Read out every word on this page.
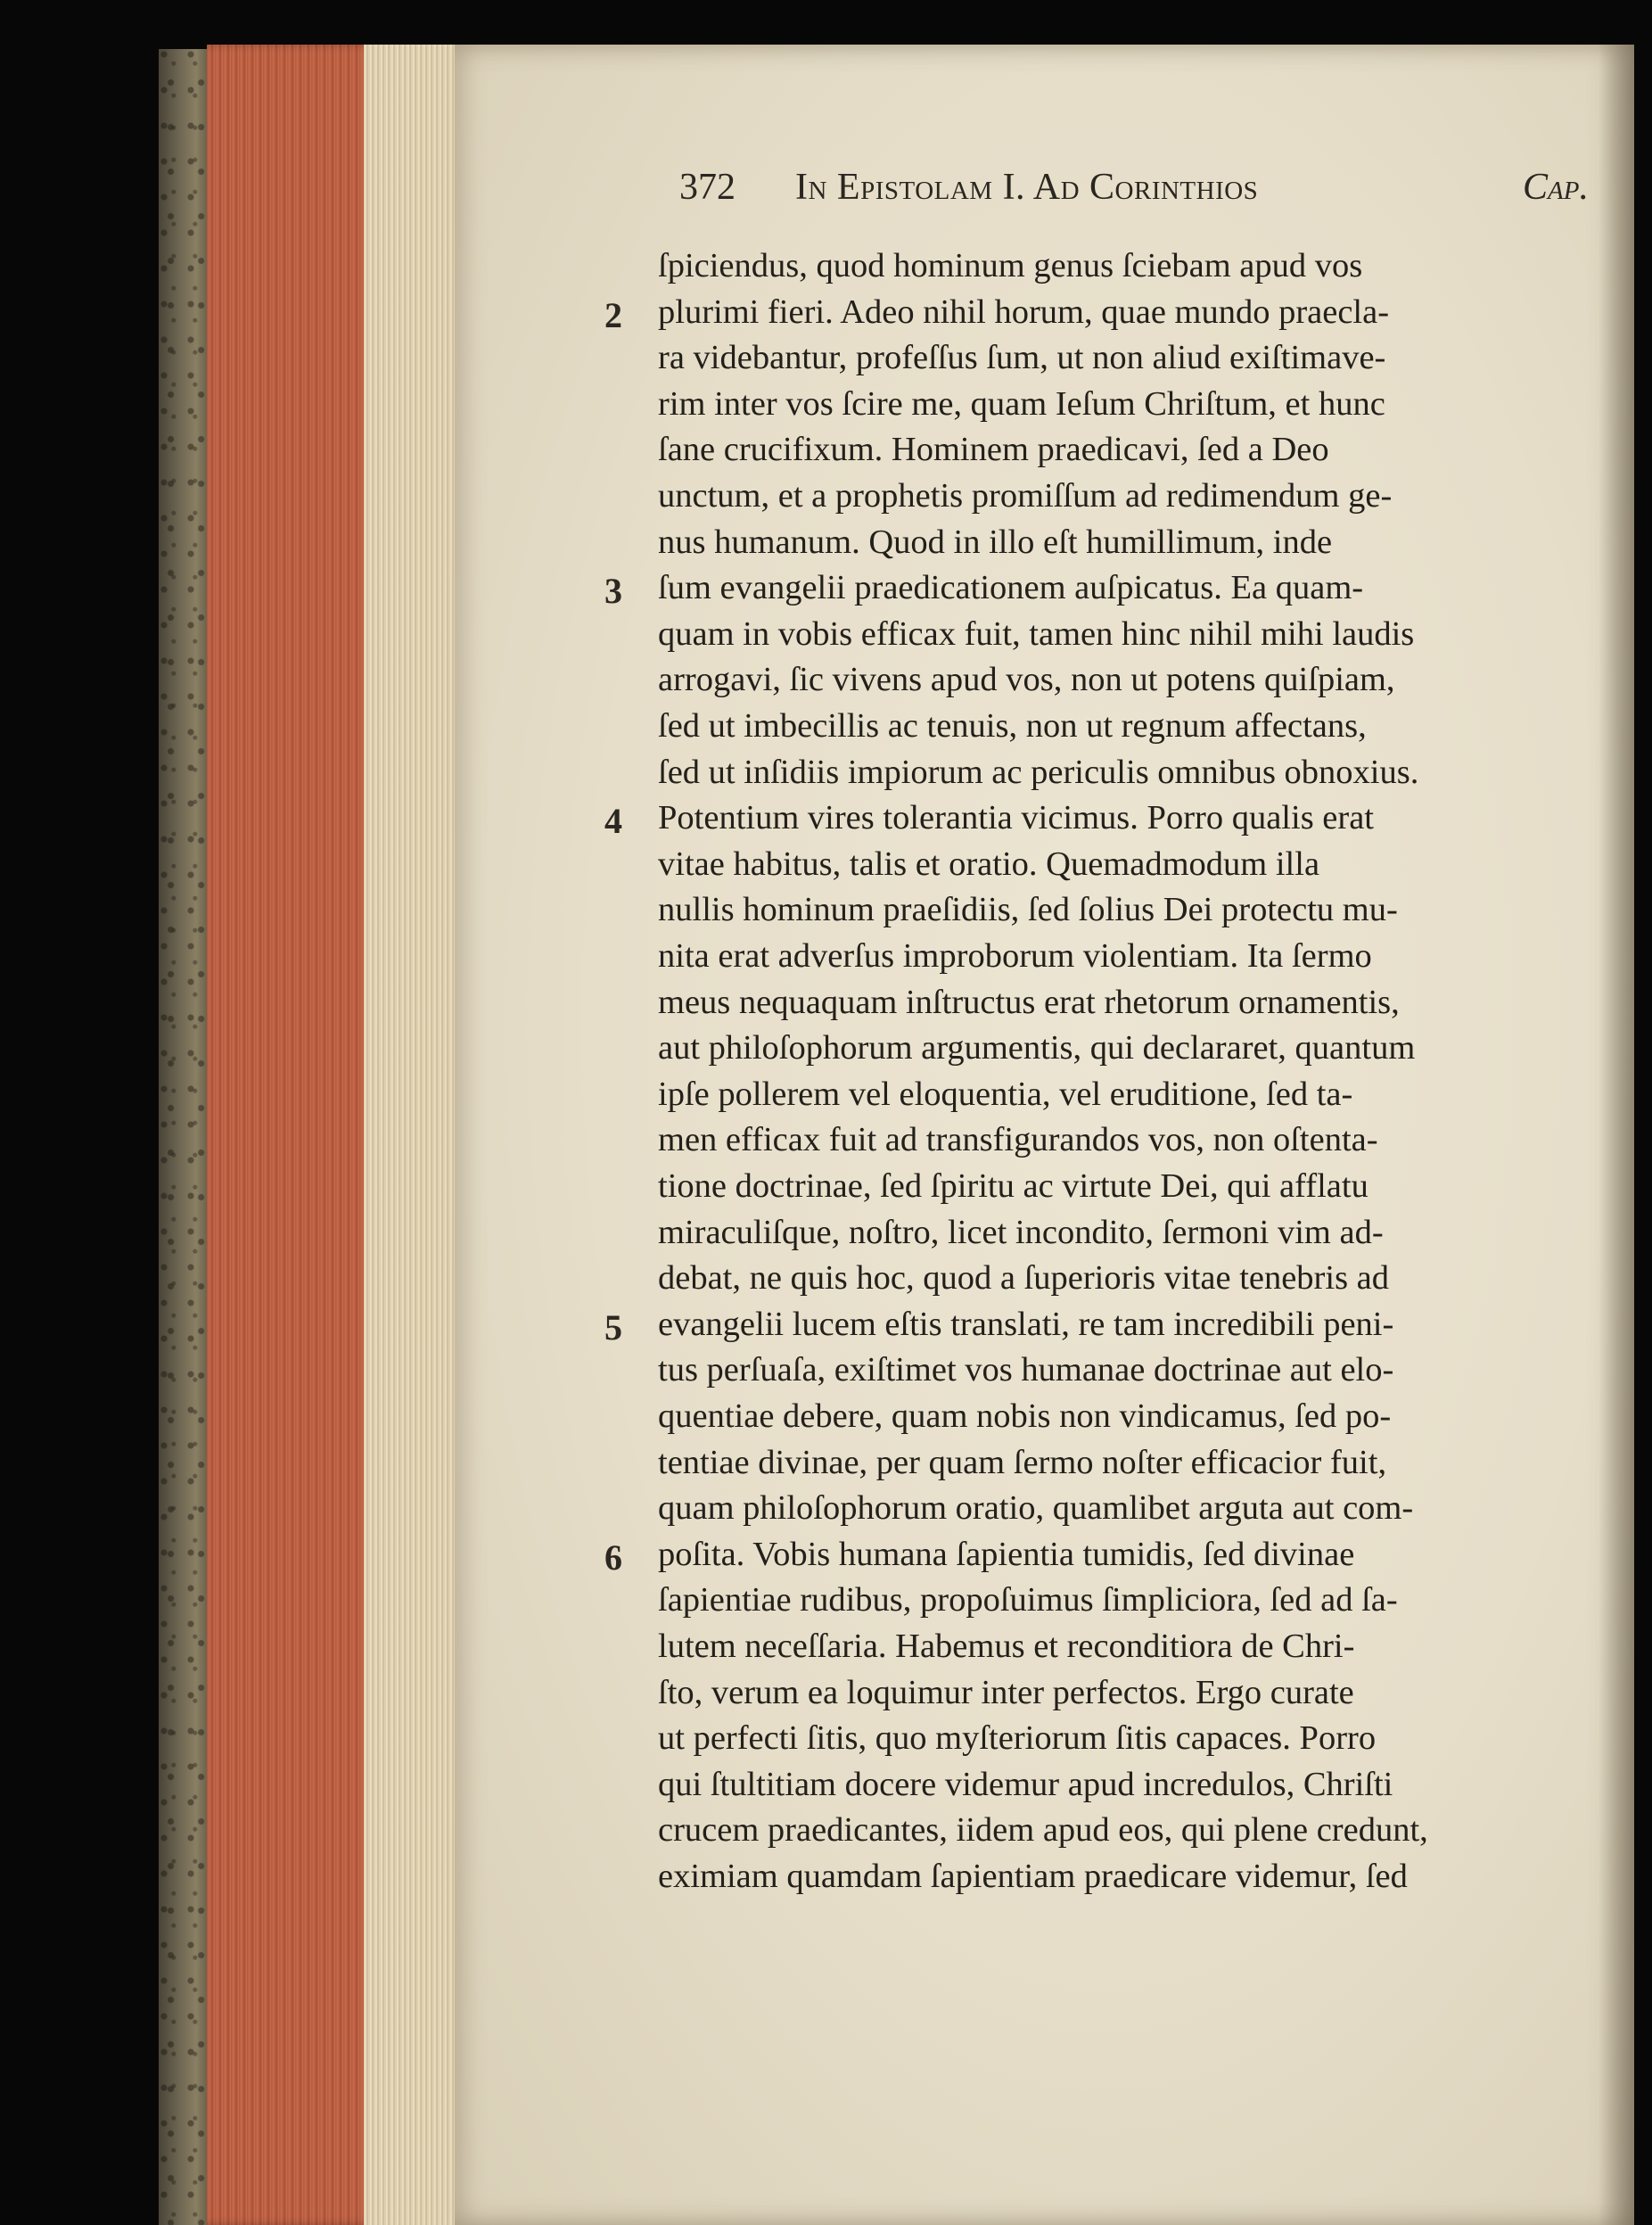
372 In Epistolam I. Ad Corinthios	Cap.
ſpiciendus, quod hominum genus ſciebam apud vos
plurimi fieri. Adeo nihil horum, quae mundo praecla-
ra videbantur, profeſſus ſum, ut non aliud exiſtimave-
rim inter vos ſcire me, quam Ieſum Chriſtum, et hunc
ſane crucifixum. Hominem praedicavi, ſed a Deo
unctum, et a prophetis promiſſum ad redimendum ge-
nus humanum. Quod in illo eſt humillimum, inde
ſum evangelii praedicationem auſpicatus. Ea quam-
quam in vobis efficax fuit, tamen hinc nihil mihi laudis
arrogavi, ſic vivens apud vos, non ut potens quiſpiam,
ſed ut imbecillis ac tenuis, non ut regnum affectans,
ſed ut inſidiis impiorum ac periculis omnibus obnoxius.
Potentium vires tolerantia vicimus. Porro qualis erat
vitae habitus, talis et oratio. Quemadmodum illa
nullis hominum praeſidiis, ſed ſolius Dei protectu mu-
nita erat adverſus improborum violentiam. Ita ſermo
meus nequaquam inſtructus erat rhetorum ornamentis,
aut philoſophorum argumentis, qui declararet, quantum
ipſe pollerem vel eloquentia, vel eruditione, ſed ta-
men efficax fuit ad transfigurandos vos, non oſtenta-
tione doctrinae, ſed ſpiritu ac virtute Dei, qui afflatu
miraculiſque, noſtro, licet incondito, ſermoni vim ad-
debat, ne quis hoc, quod a ſuperioris vitae tenebris ad
evangelii lucem eſtis translati, re tam incredibili peni-
tus perſuaſa, exiſtimet vos humanae doctrinae aut elo-
quentiae debere, quam nobis non vindicamus, ſed po-
tentiae divinae, per quam ſermo noſter efficacior fuit,
quam philoſophorum oratio, quamlibet arguta aut com-
poſita. Vobis humana ſapientia tumidis, ſed divinae
ſapientiae rudibus, propoſuimus ſimpliciora, ſed ad ſa-
lutem neceſſaria. Habemus et reconditiora de Chri-
ſto, verum ea loquimur inter perfectos. Ergo curate
ut perfecti ſitis, quo myſteriorum ſitis capaces. Porro
qui ſtultitiam docere videmur apud incredulos, Chriſti
crucem praedicantes, iidem apud eos, qui plene credunt,
eximiam quamdam ſapientiam praedicare videmur, ſed
2
3
4
5
6
